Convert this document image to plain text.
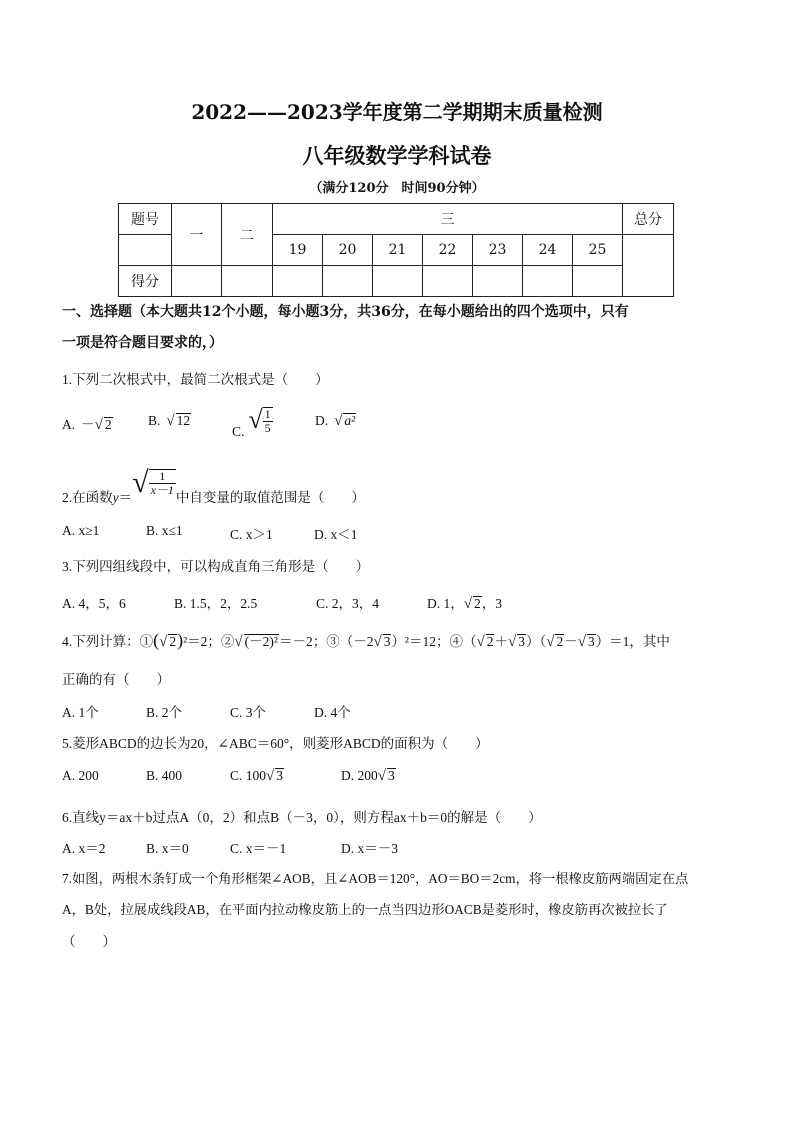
2022——2023学年度第二学期期末质量检测
八年级数学学科试卷
（满分120分　时间90分钟）
题号	一	二	三							总分
			19	20	21	22	23	24	25	
得分										
一、选择题（本大题共12个小题，每小题3分，共36分，在每小题给出的四个选项中，只有
一项是符合题目要求的，）
1.下列二次根式中，最简二次根式是（　　）
A. －√ 2	B. √ 12
C. √ $\frac{1}{5}$	D. √ a²
2.在函数$y=√ \frac{1}{x-1}$
中自变量的取值范围是（　　）
A. x≥1	B. x≤1	C. x＞1	D. x＜1
3.下列四组线段中，可以构成直角三角形是（　　）
A. 4，5，6	B. 1.5，2，2.5	C. 2，3，4	D. 1，√ 2，3
4.下列计算：①(√ 2)²＝2；②√ (－2)²＝－2；③（－2√ 3）²＝12；④（√ 2＋√ 3）（√ 2－√ 3）＝1，其中
正确的有（　　）
A. 1个	B. 2个	C. 3个	D. 4个
5.菱形ABCD的边长为20，∠ABC＝60°，则菱形ABCD的面积为（　　）
A. 200	B. 400	C. 100√ 3	D. 200√ 3
6.直线y＝ax＋b过点A（0，2）和点B（－3，0），则方程ax＋b＝0的解是（　　）
A. x＝2	B. x＝0	C. x＝－1	D. x＝－3
7.如图，两根木条钉成一个角形框架∠AOB，且∠AOB＝120°，AO＝BO＝2cm，将一根橡皮筋两端固定在点
A，B处，拉展成线段AB，在平面内拉动橡皮筋上的一点当四边形OACB是菱形时，橡皮筋再次被拉长了
（　　）
